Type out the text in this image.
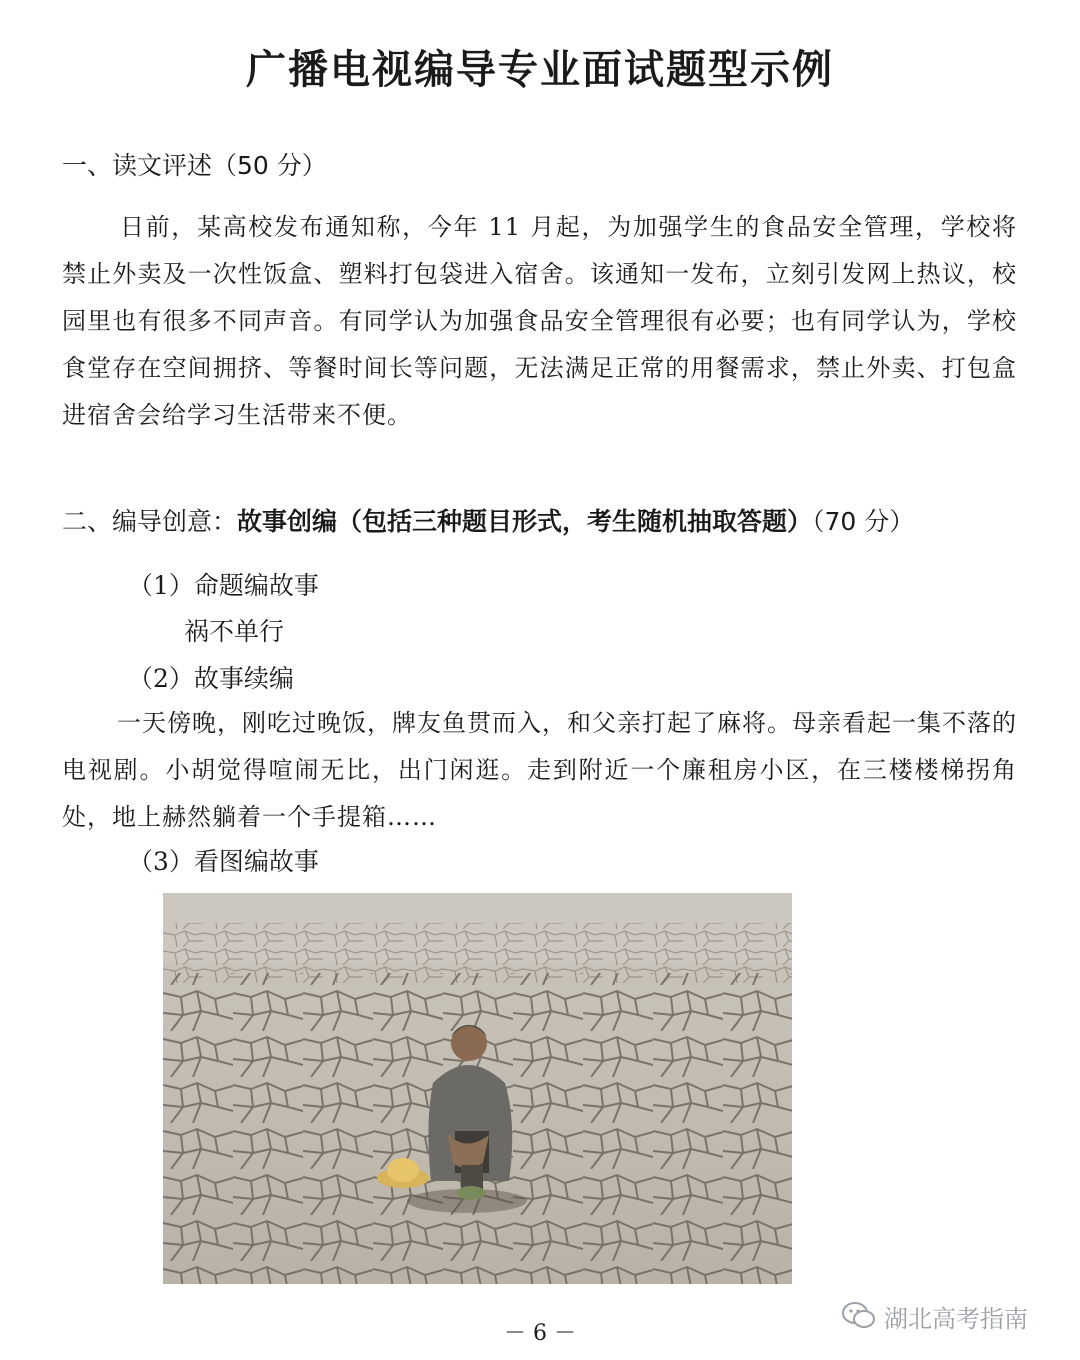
广播电视编导专业面试题型示例
一、读文评述（50 分）
日前，某高校发布通知称，今年 11 月起，为加强学生的食品安全管理，学校将禁止外卖及一次性饭盒、塑料打包袋进入宿舍。该通知一发布，立刻引发网上热议，校园里也有很多不同声音。有同学认为加强食品安全管理很有必要；也有同学认为，学校食堂存在空间拥挤、等餐时间长等问题，无法满足正常的用餐需求，禁止外卖、打包盒进宿舍会给学习生活带来不便。
二、编导创意：故事创编（包括三种题目形式，考生随机抽取答题）（70 分）
（1）命题编故事
祸不单行
（2）故事续编
一天傍晚，刚吃过晚饭，牌友鱼贯而入，和父亲打起了麻将。母亲看起一集不落的电视剧。小胡觉得喧闹无比，出门闲逛。走到附近一个廉租房小区，在三楼楼梯拐角处，地上赫然躺着一个手提箱……
（3）看图编故事
湖北高考指南
－ 6 －
